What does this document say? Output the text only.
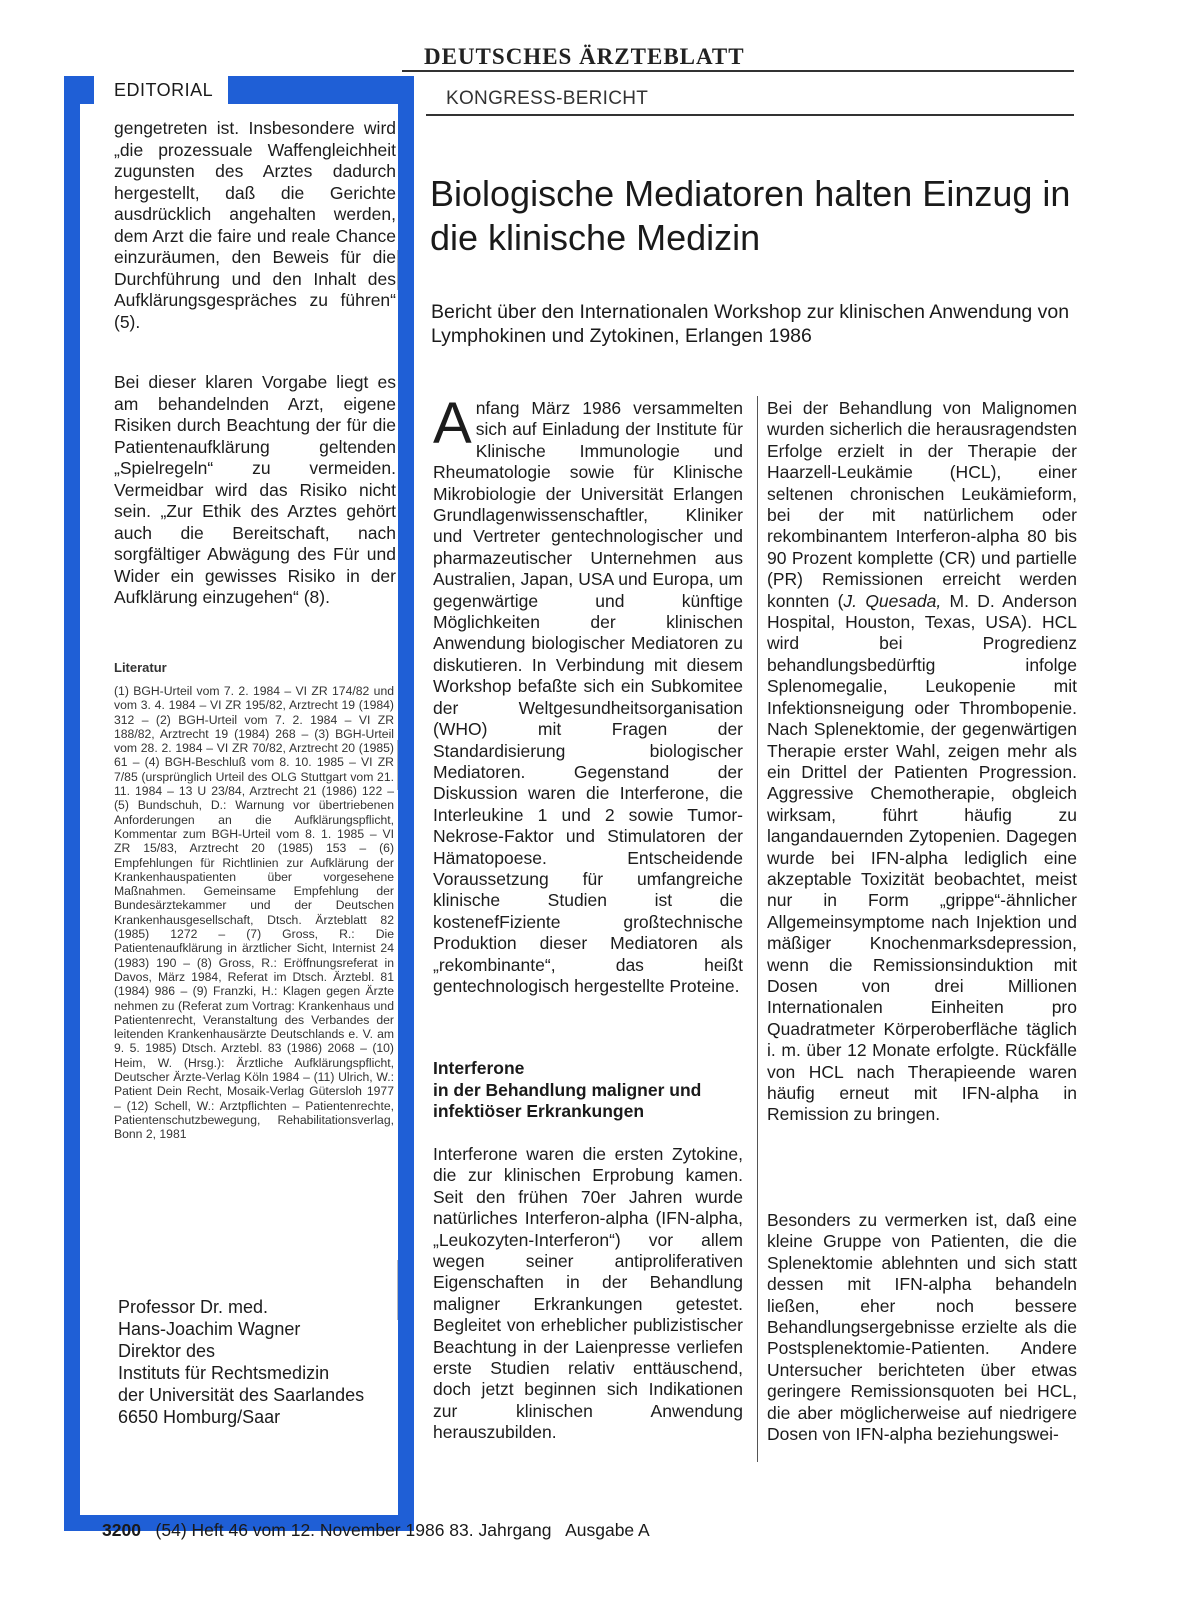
DEUTSCHES ÄRZTEBLATT
KONGRESS-BERICHT
EDITORIAL

gengetreten ist. Insbesondere wird „die prozessuale Waffengleichheit zugunsten des Arztes dadurch hergestellt, daß die Gerichte ausdrücklich angehalten werden, dem Arzt die faire und reale Chance einzuräumen, den Beweis für die Durchführung und den Inhalt des Aufklärungsgespräches zu führen“ (5).

Bei dieser klaren Vorgabe liegt es am behandelnden Arzt, eigene Risiken durch Beachtung der für die Patientenaufklärung geltenden „Spielregeln“ zu vermeiden. Vermeidbar wird das Risiko nicht sein. „Zur Ethik des Arztes gehört auch die Bereitschaft, nach sorgfältiger Abwägung des Für und Wider ein gewisses Risiko in der Aufklärung einzugehen“ (8).

Literatur

(1) BGH-Urteil vom 7. 2. 1984 – VI ZR 174/82 und vom 3. 4. 1984 – VI ZR 195/82, Arztrecht 19 (1984) 312 – (2) BGH-Urteil vom 7. 2. 1984 – VI ZR 188/82, Arztrecht 19 (1984) 268 – (3) BGH-Urteil vom 28. 2. 1984 – VI ZR 70/82, Arztrecht 20 (1985) 61 – (4) BGH-Beschluß vom 8. 10. 1985 – VI ZR 7/85 (ursprünglich Urteil des OLG Stuttgart vom 21. 11. 1984 – 13 U 23/84, Arztrecht 21 (1986) 122 – (5) Bundschuh, D.: Warnung vor übertriebenen Anforderungen an die Aufklärungspflicht, Kommentar zum BGH-Urteil vom 8. 1. 1985 – VI ZR 15/83, Arztrecht 20 (1985) 153 – (6) Empfehlungen für Richtlinien zur Aufklärung der Krankenhauspatienten über vorgesehene Maßnahmen. Gemeinsame Empfehlung der Bundesärztekammer und der Deutschen Krankenhausgesellschaft, Dtsch. Ärzteblatt 82 (1985) 1272 – (7) Gross, R.: Die Patientenaufklärung in ärztlicher Sicht, Internist 24 (1983) 190 – (8) Gross, R.: Eröffnungsreferat in Davos, März 1984, Referat im Dtsch. Ärztebl. 81 (1984) 986 – (9) Franzki, H.: Klagen gegen Ärzte nehmen zu (Referat zum Vortrag: Krankenhaus und Patientenrecht, Veranstaltung des Verbandes der leitenden Krankenhausärzte Deutschlands e. V. am 9. 5. 1985) Dtsch. Arztebl. 83 (1986) 2068 – (10) Heim, W. (Hrsg.): Ärztliche Aufklärungspflicht, Deutscher Ärzte-Verlag Köln 1984 – (11) Ulrich, W.: Patient Dein Recht, Mosaik-Verlag Gütersloh 1977 – (12) Schell, W.: Arztpflichten – Patientenrechte, Patientenschutzbewegung, Rehabilitationsverlag, Bonn 2, 1981

Professor Dr. med.
Hans-Joachim Wagner
Direktor des
Instituts für Rechtsmedizin
der Universität des Saarlandes
6650 Homburg/Saar
Biologische Mediatoren halten Einzug in die klinische Medizin

Bericht über den Internationalen Workshop zur klinischen Anwendung von Lymphokinen und Zytokinen, Erlangen 1986

Anfang März 1986 versammelten sich auf Einladung der Institute für Klinische Immunologie und Rheumatologie sowie für Klinische Mikrobiologie der Universität Erlangen Grundlagenwissenschaftler, Kliniker und Vertreter gentechnologischer und pharmazeutischer Unternehmen aus Australien, Japan, USA und Europa, um gegenwärtige und künftige Möglichkeiten der klinischen Anwendung biologischer Mediatoren zu diskutieren. In Verbindung mit diesem Workshop befaßte sich ein Subkomitee der Weltgesundheitsorganisation (WHO) mit Fragen der Standardisierung biologischer Mediatoren. Gegenstand der Diskussion waren die Interferone, die Interleukine 1 und 2 sowie Tumor-Nekrose-Faktor und Stimulatoren der Hämatopoese. Entscheidende Voraussetzung für umfangreiche klinische Studien ist die kostenefFiziente großtechnische Produktion dieser Mediatoren als „rekombinante“, das heißt gentechnologisch hergestellte Proteine.
Interferone
in der Behandlung maligner und infektiöser Erkrankungen

Interferone waren die ersten Zytokine, die zur klinischen Erprobung kamen. Seit den frühen 70er Jahren wurde natürliches Interferon-alpha (IFN-alpha, „Leukozyten-Interferon“) vor allem wegen seiner antiproliferativen Eigenschaften in der Behandlung maligner Erkrankungen getestet. Begleitet von erheblicher publizistischer Beachtung in der Laienpresse verliefen erste Studien relativ enttäuschend, doch jetzt beginnen sich Indikationen zur klinischen Anwendung herauszubilden.

Bei der Behandlung von Malignomen wurden sicherlich die herausragendsten Erfolge erzielt in der Therapie der Haarzell-Leukämie (HCL), einer seltenen chronischen Leukämieform, bei der mit natürlichem oder rekombinantem Interferon-alpha 80 bis 90 Prozent komplette (CR) und partielle (PR) Remissionen erreicht werden konnten (J. Quesada, M. D. Anderson Hospital, Houston, Texas, USA). HCL wird bei Progredienz behandlungsbedürftig infolge Splenomegalie, Leukopenie mit Infektionsneigung oder Thrombopenie. Nach Splenektomie, der gegenwärtigen Therapie erster Wahl, zeigen mehr als ein Drittel der Patienten Progression. Aggressive Chemotherapie, obgleich wirksam, führt häufig zu langandauernden Zytopenien. Dagegen wurde bei IFN-alpha lediglich eine akzeptable Toxizität beobachtet, meist nur in Form „grippe“-ähnlicher Allgemeinsymptome nach Injektion und mäßiger Knochenmarksdepression, wenn die Remissionsinduktion mit Dosen von drei Millionen Internationalen Einheiten pro Quadratmeter Körperoberfläche täglich i. m. über 12 Monate erfolgte. Rückfälle von HCL nach Therapieende waren häufig erneut mit IFN-alpha in Remission zu bringen.

Besonders zu vermerken ist, daß eine kleine Gruppe von Patienten, die die Splenektomie ablehnten und sich statt dessen mit IFN-alpha behandeln ließen, eher noch bessere Behandlungsergebnisse erzielte als die Postsplenektomie-Patienten. Andere Untersucher berichteten über etwas geringere Remissionsquoten bei HCL, die aber möglicherweise auf niedrigere Dosen von IFN-alpha beziehungswei-

3200 (54) Heft 46 vom 12. November 1986 83. Jahrgang Ausgabe A
